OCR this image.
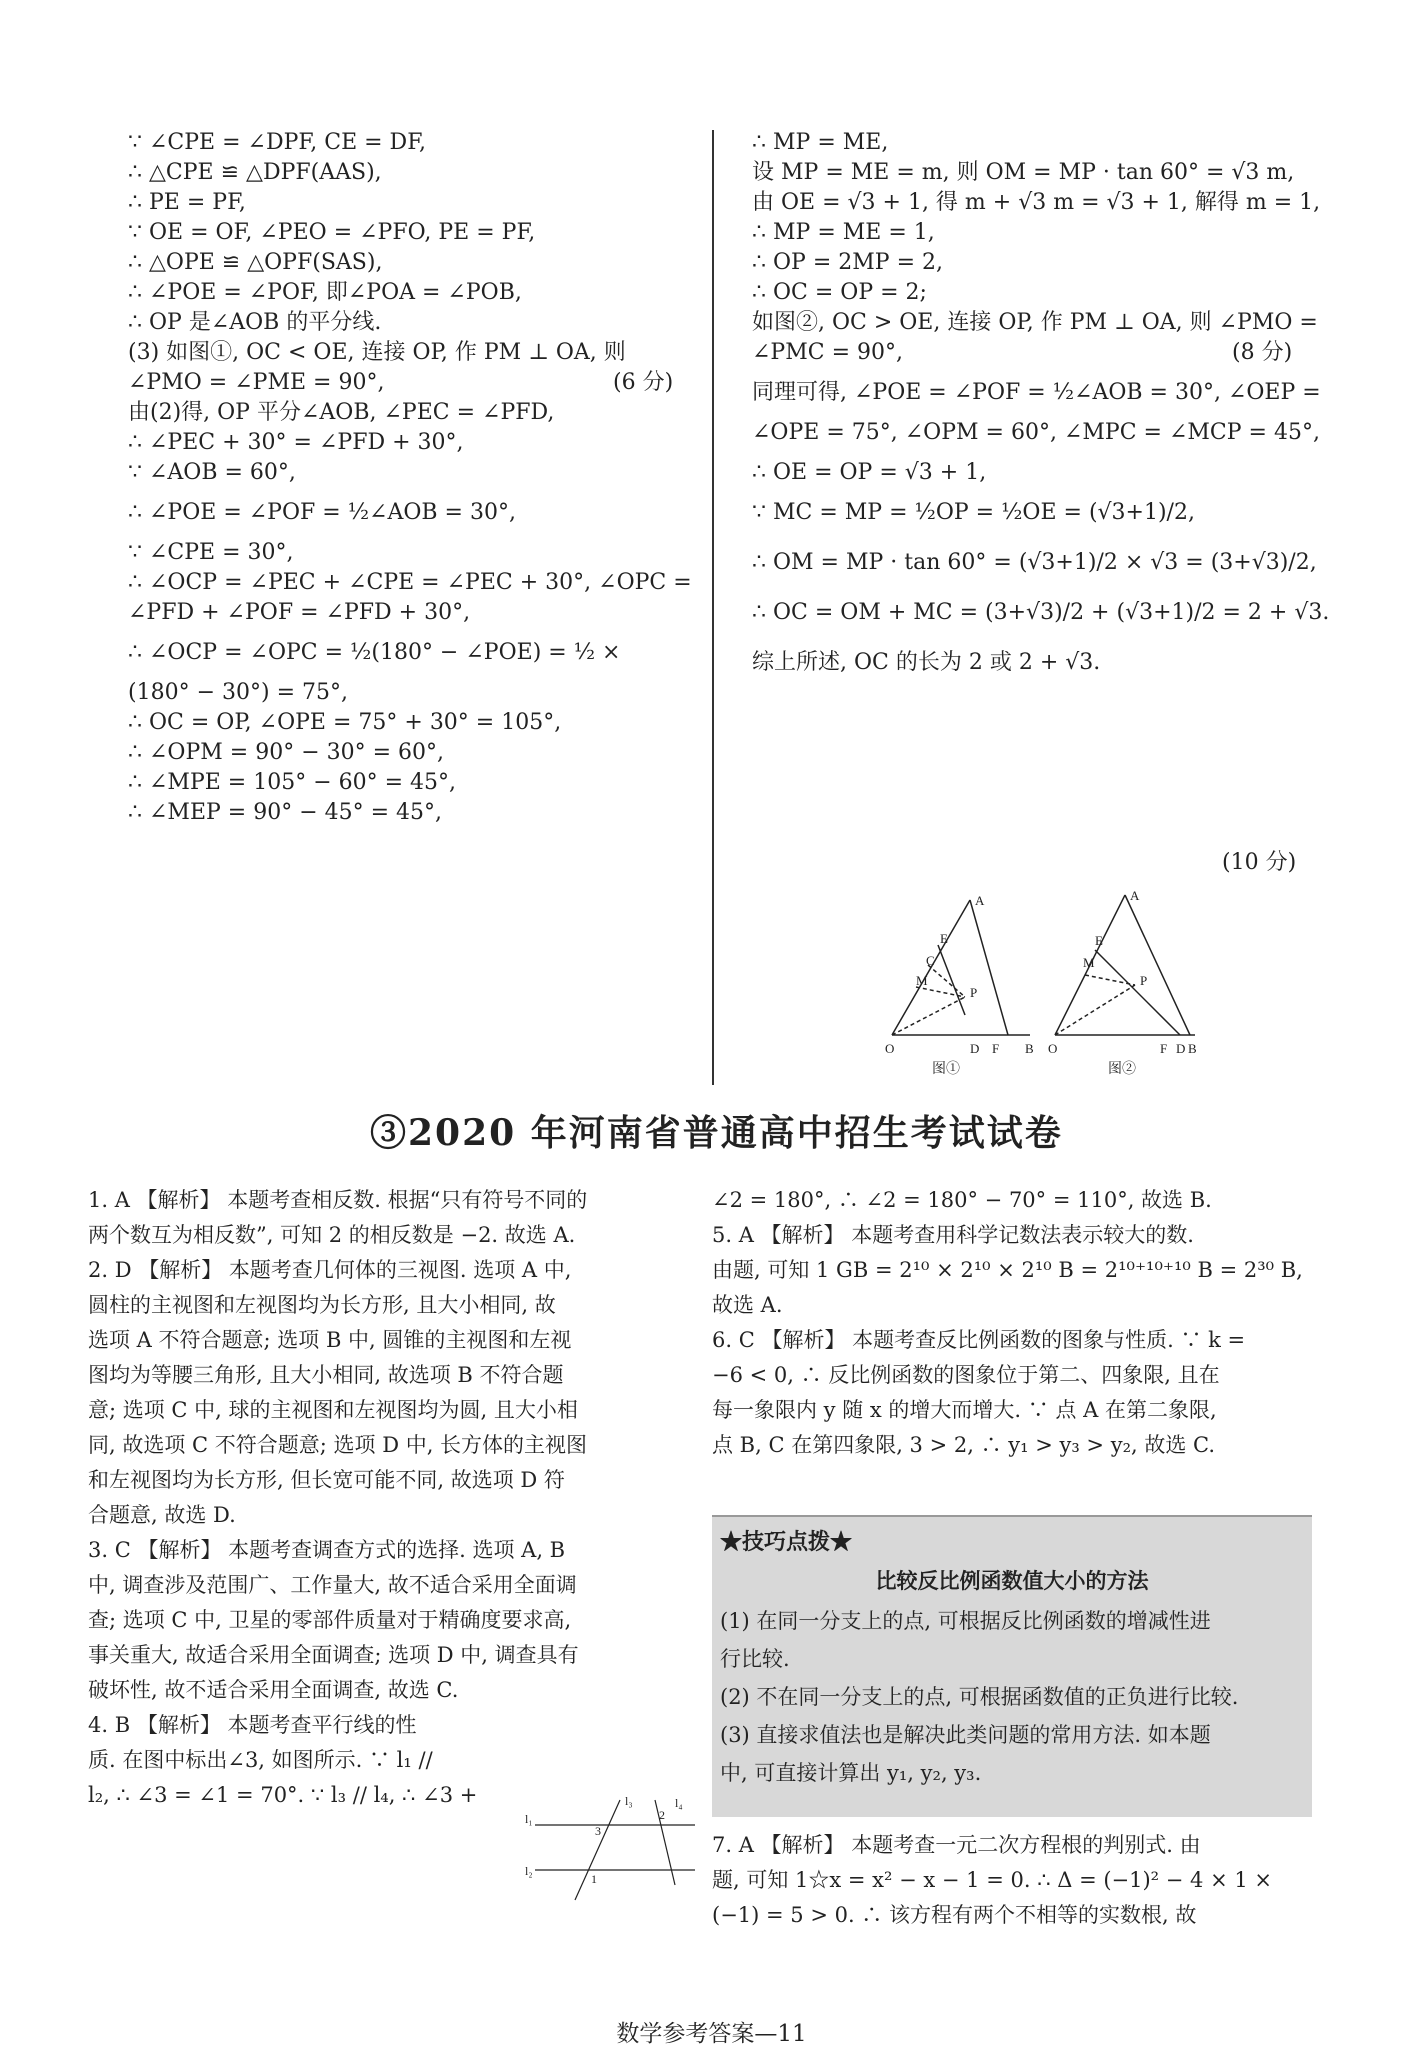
∵ ∠CPE = ∠DPF, CE = DF,
∴ △CPE ≌ △DPF(AAS),
∴ PE = PF,
∵ OE = OF, ∠PEO = ∠PFO, PE = PF,
∴ △OPE ≌ △OPF(SAS),
∴ ∠POE = ∠POF, 即∠POA = ∠POB,
∴ OP 是∠AOB 的平分线.
(3) 如图①, OC < OE, 连接 OP, 作 PM ⊥ OA, 则
∠PMO = ∠PME = 90°,
由(2)得, OP 平分∠AOB, ∠PEC = ∠PFD,
∴ ∠PEC + 30° = ∠PFD + 30°,
∵ ∠AOB = 60°,
∴ ∠POE = ∠POF = ½∠AOB = 30°,
∵ ∠CPE = 30°,
∴ ∠OCP = ∠PEC + ∠CPE = ∠PEC + 30°, ∠OPC =
∠PFD + ∠POF = ∠PFD + 30°,
∴ ∠OCP = ∠OPC = ½(180° − ∠POE) = ½ ×
(180° − 30°) = 75°,
∴ OC = OP, ∠OPE = 75° + 30° = 105°,
∴ ∠OPM = 90° − 30° = 60°,
∴ ∠MPE = 105° − 60° = 45°,
∴ ∠MEP = 90° − 45° = 45°,
(6 分)
∴ MP = ME,
设 MP = ME = m, 则 OM = MP · tan 60° = √3 m,
由 OE = √3 + 1, 得 m + √3 m = √3 + 1, 解得 m = 1,
∴ MP = ME = 1,
∴ OP = 2MP = 2,
∴ OC = OP = 2;
如图②, OC > OE, 连接 OP, 作 PM ⊥ OA, 则 ∠PMO =
∠PMC = 90°,
同理可得, ∠POE = ∠POF = ½∠AOB = 30°, ∠OEP =
∠OPE = 75°, ∠OPM = 60°, ∠MPC = ∠MCP = 45°,
∴ OE = OP = √3 + 1,
∵ MC = MP = ½OP = ½OE = (√3+1)/2,
∴ OM = MP · tan 60° = (√3+1)/2 × √3 = (3+√3)/2,
∴ OC = OM + MC = (3+√3)/2 + (√3+1)/2 = 2 + √3.
综上所述, OC 的长为 2 或 2 + √3.
(8 分)
(10 分)
A
E
C
M
P
O	D F B
A
E
M
P
O	F D B
图①	图②
③2020 年河南省普通高中招生考试试卷
1. A 【解析】 本题考查相反数. 根据“只有符号不同的
两个数互为相反数”, 可知 2 的相反数是 −2. 故选 A.
2. D 【解析】 本题考查几何体的三视图. 选项 A 中,
圆柱的主视图和左视图均为长方形, 且大小相同, 故
选项 A 不符合题意; 选项 B 中, 圆锥的主视图和左视
图均为等腰三角形, 且大小相同, 故选项 B 不符合题
意; 选项 C 中, 球的主视图和左视图均为圆, 且大小相
同, 故选项 C 不符合题意; 选项 D 中, 长方体的主视图
和左视图均为长方形, 但长宽可能不同, 故选项 D 符
合题意, 故选 D.
3. C 【解析】 本题考查调查方式的选择. 选项 A, B
中, 调查涉及范围广、工作量大, 故不适合采用全面调
查; 选项 C 中, 卫星的零部件质量对于精确度要求高,
事关重大, 故适合采用全面调查; 选项 D 中, 调查具有
破坏性, 故不适合采用全面调查, 故选 C.
4. B 【解析】 本题考查平行线的性
质. 在图中标出∠3, 如图所示. ∵ l₁ //
l₂, ∴ ∠3 = ∠1 = 70°. ∵ l₃ // l₄, ∴ ∠3 +
l₁
l₂
3
1
2
l₃	l₄
∠2 = 180°, ∴ ∠2 = 180° − 70° = 110°, 故选 B.
5. A 【解析】 本题考查用科学记数法表示较大的数.
由题, 可知 1 GB = 2¹⁰ × 2¹⁰ × 2¹⁰ B = 2¹⁰⁺¹⁰⁺¹⁰ B = 2³⁰ B,
故选 A.
6. C 【解析】 本题考查反比例函数的图象与性质. ∵ k =
−6 < 0, ∴ 反比例函数的图象位于第二、四象限, 且在
每一象限内 y 随 x 的增大而增大. ∵ 点 A 在第二象限,
点 B, C 在第四象限, 3 > 2, ∴ y₁ > y₃ > y₂, 故选 C.
★技巧点拨★
比较反比例函数值大小的方法
(1) 在同一分支上的点, 可根据反比例函数的增减性进
行比较.
(2) 不在同一分支上的点, 可根据函数值的正负进行比较.
(3) 直接求值法也是解决此类问题的常用方法. 如本题
中, 可直接计算出 y₁, y₂, y₃.
7. A 【解析】 本题考查一元二次方程根的判别式. 由
题, 可知 1☆x = x² − x − 1 = 0. ∴ Δ = (−1)² − 4 × 1 ×
(−1) = 5 > 0. ∴ 该方程有两个不相等的实数根, 故
数学参考答案—11
